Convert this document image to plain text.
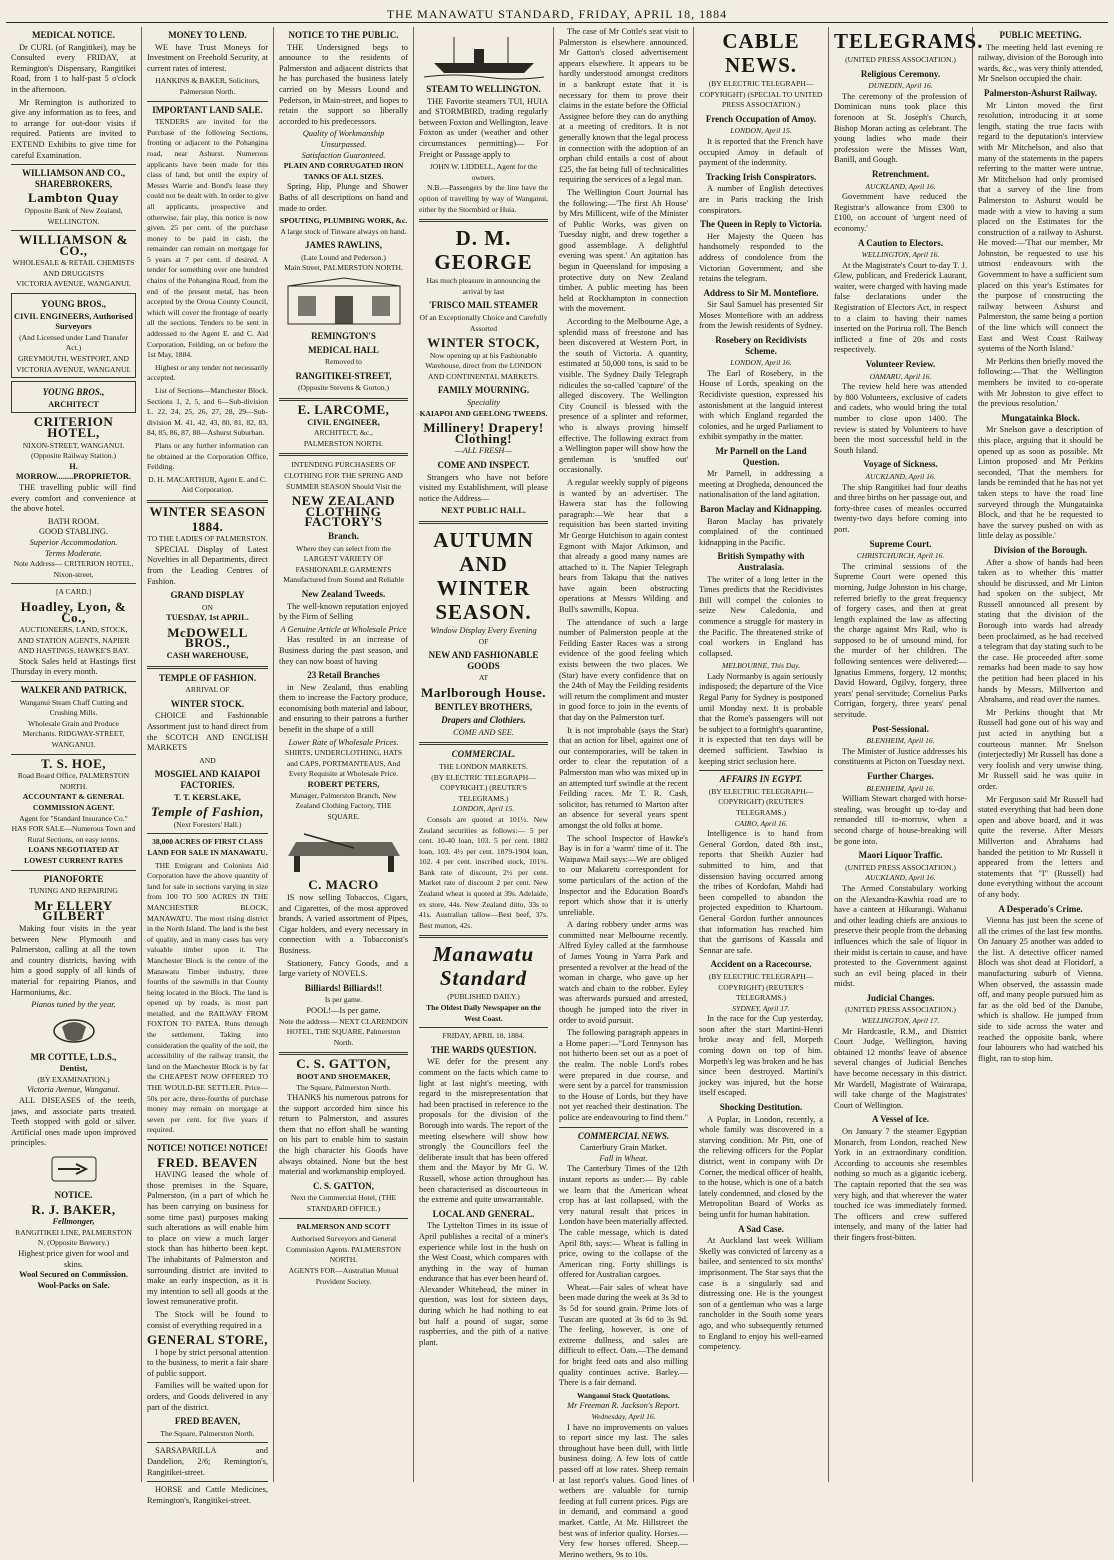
THE MANAWATU STANDARD, FRIDAY, APRIL 18, 1884
MEDICAL NOTICE.

Dr CURL (of Rangitikei), may be Consulted every FRIDAY, at Remington's Dispensary, Rangitikei Road, from 1 to half-past 5 o'clock in the afternoon.

Mr Remington is authorized to give any information as to fees, and to arrange for out-door visits if required. Patients are invited to EXTEND Exhibits to give time for careful Examination.

WILLIAMSON AND CO., SHAREBROKERS,
Lambton Quay
Opposite Bank of New Zealand, WELLINGTON.
WILLIAMSON & CO.,
WHOLESALE & RETAIL CHEMISTS AND DRUGGISTS
VICTORIA AVENUE, WANGANUI.
YOUNG BROS.,
CIVIL ENGINEERS, Authorised Surveyors
(And Licensed under Land Transfer Act.)
GREYMOUTH, WESTPORT, AND VICTORIA AVENUE, WANGANUI.
YOUNG BROS.,
ARCHITECT
CRITERION HOTEL,
NIXON-STREET, WANGANUI. (Opposite Railway Station.)
H. MORROW........PROPRIETOR.

THE travelling public will find every comfort and convenience at the above hotel.

BATH ROOM.
GOOD STABLING.
Superior Accommodation.
Terms Moderate.
Note Address— CRITERION HOTEL, Nixon-street,
[A CARD.]
Hoadley, Lyon, & Co.,
AUCTIONEERS, LAND, STOCK, AND STATION AGENTS, NAPIER AND HASTINGS, HAWKE'S BAY.

Stock Sales held at Hastings first Thursday in every month.

WALKER AND PATRICK,
Wanganui Steam Chaff Cutting and Crushing Mills.
Wholesale Grain and Produce Merchants. RIDGWAY-STREET, WANGANUI.
T. S. HOE,
Road Board Office, PALMERSTON NORTH.
ACCOUNTANT & GENERAL COMMISSION AGENT.
Agent for "Standard Insurance Co."
HAS FOR SALE—Numerous Town and Rural Sections, on easy terms.
LOANS NEGOTIATED AT LOWEST CURRENT RATES
PIANOFORTE
TUNING AND REPAIRING
Mr ELLERY GILBERT

Making four visits in the year between New Plymouth and Palmerston, calling at all the town and country districts, having with him a good supply of all kinds of material for repairing Pianos, and Harmoniums, &c.

Pianos tuned by the year.
MR COTTLE, L.D.S.,
Dentist,
(BY EXAMINATION.)
Victoria Avenue, Wanganui.

ALL DISEASES of the teeth, jaws, and associate parts treated. Teeth stopped with gold or silver. Artificial ones made upon improved principles.

NOTICE.
R. J. BAKER,
Fellmonger,
RANGITIKEI LINE, PALMERSTON N. (Opposite Brewery.)
Highest price given for wool and skins.
Wool Secured on Commission.
Wool-Packs on Sale.
MONEY TO LEND.

WE have Trust Moneys for Investment on Freehold Security, at current rates of interest.

HANKINS & BAKER, Solicitors, Palmerston North.
IMPORTANT LAND SALE.

TENDERS are invited for the Purchase of the following Sections, fronting or adjacent to the Pohangina road, near Ashurst. Numerous applicants have been made for this class of land, but until the expiry of Messrs Warrie and Bond's lease they could not be dealt with. In order to give all applicants, prospective and otherwise, fair play, this notice is now given. 25 per cent. of the purchase money to be paid in cash, the remainder can remain on mortgage for 5 years at 7 per cent. if desired. A tender for something over one hundred chains of the Pohangina Road, from the end of the present metal, has been accepted by the Oroua County Council, which will cover the frontage of nearly all the sections. Tenders to be sent in addressed to the Agent E. and C. Aid Corporation, Feilding, on or before the 1st May, 1884.

Highest or any tender not necessarily accepted.

List of Sections—Manchester Block. Sections 1, 2, 5, and 6—Sub-division L. 22, 24, 25, 26, 27, 28, 29—Sub-division M. 41, 42, 43, 80, 81, 82, 83, 84, 85, 86, 87, 88—Ashurst Suburban.

Plans or any further information can be obtained at the Corporation Office, Feilding.

D. H. MACARTHUR, Agent E. and C. Aid Corporation.
WINTER SEASON
1884.
TO THE LADIES OF PALMERSTON.

SPECIAL Display of Latest Novelties in all Departments, direct from the Leading Centres of Fashion.

GRAND DISPLAY
ON
TUESDAY, 1st APRIL.
McDOWELL BROS.,
CASH WAREHOUSE,
TEMPLE OF FASHION.
ARRIVAL OF
WINTER STOCK.

CHOICE and Fashionable Assortment just to hand direct from the SCOTCH AND ENGLISH MARKETS

AND
MOSGIEL AND KAIAPOI FACTORIES.
T. T. KERSLAKE,
Temple of Fashion,
(Next Foresters' Hall.)
38,000 ACRES OF FIRST CLASS LAND FOR SALE IN MANAWATU.

THE Emigrant and Colonists Aid Corporation have the above quantity of land for sale in sections varying in size from 100 TO 500 ACRES IN THE MANCHESTER BLOCK, MANAWATU. The most rising district in the North Island. The land is the best of quality, and in many cases has very valuable timber upon it. The Manchester Block is the centre of the Manawatu Timber industry, three fourths of the sawmills in that County being located in the Block. The land is opened up by roads, is most part metalled, and the RAILWAY FROM FOXTON TO PATEA. Runs through the settlement. Taking into consideration the quality of the soil, the accessibility of the railway transit, the land on the Manchester Block is by far the CHEAPEST NOW OFFERED TO THE WOULD-BE SETTLER. Price—50s per acre, three-fourths of purchase money may remain on mortgage at seven per cent. for five years if required.

NOTICE! NOTICE! NOTICE!
FRED. BEAVEN

HAVING leased the whole of those premises in the Square, Palmerston, (in a part of which he has been carrying on business for some time past) purposes making such alterations as will enable him to place on view a much larger stock than has hitherto been kept. The inhabitants of Palmerston and surrounding district are invited to make an early inspection, as it is my intention to sell all goods at the lowest remunerative profit.

The Stock will be found to consist of everything required in a

GENERAL STORE,

I hope by strict personal attention to the business, to merit a fair share of public support.

Families will be waited upon for orders, and Goods delivered in any part of the district.

FRED BEAVEN,
The Square, Palmerston North.

SARSAPARILLA and Dandelion, 2/6; Remington's, Rangitikei-street.

HORSE and Cattle Medicines, Remington's, Rangitikei-street.

NOTICE TO THE PUBLIC.

THE Undersigned begs to announce to the residents of Palmerston and adjacent districts that he has purchased the business lately carried on by Messrs Lound and Pederson, in Main-street, and hopes to retain the support so liberally accorded to his predecessors.

Quality of Workmanship Unsurpassed.
Satisfaction Guaranteed.
PLAIN AND CORRUGATED IRON TANKS OF ALL SIZES.

Spring, Hip, Plunge and Shower Baths of all descriptions on hand and made to order.

SPOUTING, PLUMBING WORK, &c.
A large stock of Tinware always on hand.
JAMES RAWLINS,
(Late Lound and Pederson.)
Main Street, PALMERSTON NORTH.
REMINGTON'S
MEDICAL HALL
Removed to
RANGITIKEI-STREET,
(Opposite Stevens & Gorton.)
E. LARCOME,
CIVIL ENGINEER,
ARCHITECT, &c.,
PALMERSTON NORTH.
INTENDING PURCHASERS OF CLOTHING FOR THE SPRING AND SUMMER SEASON Should Visit the
NEW ZEALAND CLOTHING FACTORY'S
Branch.
Where they can select from the LARGEST VARIETY OF FASHIONABLE GARMENTS Manufactured from Sound and Reliable
New Zealand Tweeds.

The well-known reputation enjoyed by the Firm of Selling

A Genuine Article at Wholesale Price

Has resulted in an increase of Business during the past season, and they can now boast of having

23 Retail Branches

in New Zealand, thus enabling them to increase the Factory produce, economising both material and labour, and ensuring to their patrons a further benefit in the shape of a still

Lower Rate of Wholesale Prices.
SHIRTS, UNDERCLOTHING, HATS and CAPS, PORTMANTEAUS, And Every Requisite at Wholesale Price.
ROBERT PETERS,
Manager, Palmerston Branch, New Zealand Clothing Factory, THE SQUARE.
C. MACRO

IS now selling Tobaccos, Cigars, and Cigarettes, of the most approved brands. A varied assortment of Pipes, Cigar holders, and every necessary in connection with a Tobacconist's Business.

Stationery, Fancy Goods, and a large variety of NOVELS.

Billiards! Billiards!!
Is per game.
POOL!—Is per game.
Note the address— NEXT CLARENDON HOTEL, THE SQUARE, Palmerston North.
C. S. GATTON,
BOOT AND SHOEMAKER,
The Square, Palmerston North.

THANKS his numerous patrons for the support accorded him since his return to Palmerston, and assures them that no effort shall be wanting on his part to enable him to sustain the high character his Goods have always obtained. None but the best material and workmanship employed.

C. S. GATTON,
Next the Commercial Hotel, (THE STANDARD OFFICE.)
PALMERSON AND SCOTT
Authorised Surveyors and General Commission Agents. PALMERSTON NORTH.
AGENTS FOR—Australian Mutual Provident Society.
STEAM TO WELLINGTON.

THE Favorite steamers TUI, HUIA and STORMBIRD, trading regularly between Foxton and Wellington, leave Foxton as under (weather and other circumstances permitting)— For Freight or Passage apply to

JOHN W. LIDDELL, Agent for the owners.

N.B.—Passengers by the line have the option of travelling by way of Wanganui, either by the Stormbird or Huia.

D. M. GEORGE
Has much pleasure in announcing the arrival by last
'FRISCO MAIL STEAMER
Of an Exceptionally Choice and Carefully Assorted
WINTER STOCK,
Now opening up at his Fashionable Warehouse, direct from the LONDON AND CONTINENTAL MARKETS.
FAMILY MOURNING.
Speciality
KAIAPOI AND GEELONG TWEEDS.
Millinery! Drapery! Clothing!
—ALL FRESH—
COME AND INSPECT.

Strangers who have not before visited my Establishment, will please notice the Address—

NEXT PUBLIC HALL.
AUTUMN AND WINTER SEASON.
Window Display Every Evening
OF
NEW AND FASHIONABLE GOODS
AT
Marlborough House.
BENTLEY BROTHERS,
Drapers and Clothiers.
COME AND SEE.
COMMERCIAL.
THE LONDON MARKETS.
(BY ELECTRIC TELEGRAPH—COPYRIGHT.) (REUTER'S TELEGRAMS.)
LONDON, April 15.

Consols are quoted at 101½. New Zealand securities as follows:— 5 per cent. 10-40 loan, 103. 5 per cent. 1882 loan, 103. 4½ per cent. 1879-1904 loan, 102. 4 per cent. inscribed stock, 101¾. Bank rate of discount, 2½ per cent. Market rate of discount 2 per cent. New Zealand wheat is quoted at 39s. Adelaide, ex store, 44s. New Zealand ditto, 33s to 41s. Australian tallow—Best beef, 37s. Best mutton, 42s.

Manawatu Standard
(PUBLISHED DAILY.)
The Oldest Daily Newspaper on the West Coast.
FRIDAY, APRIL 18, 1884.
THE WARDS QUESTION.

WE defer for the present any comment on the facts which came to light at last night's meeting, with regard to the misrepresentation that had been practised in reference to the proposals for the division of the Borough into wards. The report of the meeting elsewhere will show how strongly the Councillors feel the deliberate insult that has been offered them and the Mayor by Mr G. W. Russell, whose action throughout has been characterised as discourteous in the extreme and quite unwarrantable.

LOCAL AND GENERAL.

The Lyttelton Times in its issue of April publishes a recital of a miner's experience while lost in the bush on the West Coast, which compares with anything in the way of human endurance that has ever been heard of. Alexander Whitehead, the miner in question, was lost for sixteen days, during which he had nothing to eat but half a pound of sugar, some raspberries, and the pith of a native plant.

The case of Mr Cottle's seat visit to Palmerston is elsewhere announced. Mr Gatton's closed advertisement appears elsewhere. It appears to be hardly understood amongst creditors in a bankrupt estate that it is necessary for them to prove their claims in the estate before the Official Assignee before they can do anything at a meeting of creditors. It is not generally known that the legal process in connection with the adoption of an orphan child entails a cost of about £25, the fat being full of technicalities requiring the services of a legal man.

The Wellington Court Journal has the following:—'The first Ah House' by Mrs Millicent, wife of the Minister of Public Works, was given on Tuesday night, and drew together a good assemblage. A delightful evening was spent.' An agitation has begun in Queensland for imposing a protective duty on New Zealand timber. A public meeting has been held at Rockhampton in connection with the movement.

According to the Melbourne Age, a splendid mass of freestone and has been discovered at Western Port, in the south of Victoria. A quantity, estimated at 50,000 tons, is said to be visible. The Sydney Daily Telegraph ridicules the so-called 'capture' of the alleged discovery. The Wellington City Council is blessed with the presence of a splinter and reformer, who is always proving himself effective. The following extract from a Wellington paper will show how the gentleman is 'snuffed out' occasionally.

A regular weekly supply of pigeons is wanted by an advertiser. The Hawera star has the following paragraph:—We hear that a requisition has been started inviting Mr George Hutchison to again contest Egmont with Major Atkinson, and that already a good many names are attached to it. The Napier Telegraph hears from Takapu that the natives have again been obstructing operations at Messrs Wilding and Bull's sawmills, Kopua.

The attendance of such a large number of Palmerston people at the Feilding Easter Races was a strong evidence of the good feeling which exists between the two places. We (Star) have every confidence that on the 24th of May the Feilding residents will return the compliment and muster in good force to join in the events of that day on the Palmerston turf.

It is not improbable (says the Star) that an action for libel, against one of our contemporaries, will be taken in order to clear the reputation of a Palmerston man who was mixed up in an attempted turf swindle at the recent Feilding races. Mr T. R. Cash, solicitor, has returned to Marton after an absence for several years spent amongst the old folks at home.

The school Inspector of Hawke's Bay is in for a 'warm' time of it. The Waipawa Mail says:—We are obliged to our Makaretu correspondent for some particulars of the action of the Inspector and the Education Board's report which show that it is utterly unreliable.

A daring robbery under arms was committed near Melbourne recently. Alfred Eyley called at the farmhouse of James Young in Yarra Park and presented a revolver at the head of the woman in charge, who gave up her watch and chain to the robber. Eyley was afterwards pursued and arrested, though he jumped into the river in order to avoid pursuit.

The following paragraph appears in a Home paper:—"Lord Tennyson has not hitherto been set out as a poet of the realm. The noble Lord's robes were prepared in due course, and were sent by a parcel for transmission to the House of Lords, but they have not yet reached their destination. The police are endeavouring to find them."

COMMERCIAL NEWS.
Canterbury Grain Market.
Fall in Wheat.

The Canterbury Times of the 12th instant reports as under:— By cable we learn that the American wheat crop has at last collapsed, with the very natural result that prices in London have been materially affected. The cable message, which is dated April 8th, says:— Wheat is falling in price, owing to the collapse of the American ring. Forty shillings is offered for Australian cargoes.

Wheat.—Fair sales of wheat have been made during the week at 3s 3d to 3s 5d for sound grain. Prime lots of Tuscan are quoted at 3s 6d to 3s 9d. The feeling, however, is one of extreme dullness, and sales are difficult to effect. Oats.—The demand for bright feed oats and also milling quality continues active. Barley.—There is a fair demand.

Wanganui Stock Quotations.
Mr Freeman R. Jackson's Report.
Wednesday, April 16.

I have no improvements on values to report since my last. The sales throughout have been dull, with little business doing. A few lots of cattle passed off at low rates. Sheep remain at last report's values. Good lines of wethers are valuable for turnip feeding at full current prices. Pigs are in demand, and command a good market. Cattle, At Mr. Hillstreet the best was of inferior quality. Horses.—Very few horses offered. Sheep.—Merino wethers, 9s to 10s.

CABLE NEWS.
(BY ELECTRIC TELEGRAPH—COPYRIGHT) (SPECIAL TO UNITED PRESS ASSOCIATION.)
French Occupation of Amoy.
LONDON, April 15.

It is reported that the French have occupied Amoy in default of payment of the indemnity.

Tracking Irish Conspirators.

A number of English detectives are in Paris tracking the Irish conspirators.

The Queen in Reply to Victoria.

Her Majesty the Queen has handsomely responded to the address of condolence from the Victorian Government, and she retains the telegram.

Address to Sir M. Montefiore.

Sir Saul Samuel has presented Sir Moses Montefiore with an address from the Jewish residents of Sydney.

Rosebery on Recidivists Scheme.
LONDON, April 16.

The Earl of Rosebery, in the House of Lords, speaking on the Recidiviste question, expressed his astonishment at the languid interest with which England regarded the colonies, and he urged Parliament to exhibit sympathy in the matter.

Mr Parnell on the Land Question.

Mr Parnell, in addressing a meeting at Drogheda, denounced the nationalisation of the land agitation.

Baron Maclay and Kidnapping.

Baron Maclay has privately complained of the continued kidnapping in the Pacific.

British Sympathy with Australasia.

The writer of a long letter in the Times predicts that the Recidivistes Bill will compel the colonies to seize New Caledonia, and commence a struggle for mastery in the Pacific. The threatened strike of coal workers in England has collapsed.

MELBOURNE, This Day.

Lady Normanby is again seriously indisposed; the departure of the Vice Regal Party for Sydney is postponed until Monday next. It is probable that the Rome's passengers will not be subject to a fortnight's quarantine, it is expected that ten days will be deemed sufficient. Tawhiao is keeping strict seclusion here.

AFFAIRS IN EGYPT.
(BY ELECTRIC TELEGRAPH—COPYRIGHT) (REUTER'S TELEGRAMS.)
CAIRO, April 16.

Intelligence is to hand from General Gordon, dated 8th inst., reports that Sheikh Auzier had submitted to him, and that dissension having occurred among the tribes of Kordofan, Mahdi had been compelled to abandon the projected expedition to Khartoum. General Gordon further announces that information has reached him that the garrisons of Kassala and Sennar are safe.

Accident on a Racecourse.
(BY ELECTRIC TELEGRAPH—COPYRIGHT) (REUTER'S TELEGRAMS.)
SYDNEY, April 17.

In the race for the Cup yesterday, soon after the start Martini-Henri broke away and fell, Morpeth coming down on top of him. Morpeth's leg was broken and he has since been destroyed. Martini's jockey was injured, but the horse itself escaped.

Shocking Destitution.

A Poplar, in London, recently, a whole family was discovered in a starving condition. Mr Pitt, one of the relieving officers for the Poplar district, went in company with Dr Corner, the medical officer of health, to the house, which is one of a batch lately condemned, and closed by the Metropolitan Board of Works as being unfit for human habitation.

A Sad Case.

At Auckland last week William Skelly was convicted of larceny as a bailee, and sentenced to six months' imprisonment. The Star says that the case is a singularly sad and distressing one. He is the youngest son of a gentleman who was a large rancholder in the South some years ago, and who subsequently returned to England to enjoy his well-earned competency.

TELEGRAMS.
(UNITED PRESS ASSOCIATION.)
Religious Ceremony.
DUNEDIN, April 16.

The ceremony of the profession of Dominican nuns took place this forenoon at St. Joseph's Church, Bishop Moran acting as celebrant. The young ladies who made their profession were the Misses Watt, Banill, and Gough.

Retrenchment.
AUCKLAND, April 16.

Government have reduced the Registrar's allowance from £300 to £100, on account of 'urgent need of economy.'

A Caution to Electors.
WELLINGTON, April 16.

At the Magistrate's Court to-day T. J. Glew, publican, and Frederick Laurant, waiter, were charged with having made false declarations under the Registration of Electors Act, in respect to a claim to having their names inserted on the Porirua roll. The Bench inflicted a fine of 20s and costs respectively.

Volunteer Review.
OAMARU, April 16.

The review held here was attended by 800 Volunteers, exclusive of cadets and cadets, who would bring the total number to close upon 1400. The review is stated by Volunteers to have been the most successful held in the South Island.

Voyage of Sickness.
AUCKLAND, April 16.

The ship Rangitikei had four deaths and three births on her passage out, and forty-three cases of measles occurred twenty-two days before coming into port.

Supreme Court.
CHRISTCHURCH, April 16.

The criminal sessions of the Supreme Court were opened this morning, Judge Johnston in his charge, referred briefly to the great frequency of forgery cases, and then at great length explained the law as affecting the charge against Mrs Rail, who is supposed to be of unsound mind, for the murder of her children. The following sentences were delivered:—Ignatius Emmens, forgery, 12 months; David Howard, Ogilvy, forgery, three years' penal servitude; Cornelius Parks Corrigan, forgery, three years' penal servitude.

Post-Sessional.
BLENHEIM, April 16.

The Minister of Justice addresses his constituents at Picton on Tuesday next.

Further Charges.
BLENHEIM, April 16.

William Stewart charged with horse-stealing, was brought up to-day and remanded till to-morrow, when a second charge of house-breaking will be gone into.

Maori Liquor Traffic.
(UNITED PRESS ASSOCIATION.)
AUCKLAND, April 16.

The Armed Constabulary working on the Alexandra-Kawhia road are to have a canteen at Hikurangi. Wahanui and other leading chiefs are anxious to preserve their people from the debasing influences which the sale of liquor in their midst is certain to cause, and have protested to the Government against such an evil being placed in their midst.

Judicial Changes.
(UNITED PRESS ASSOCIATION.)
WELLINGTON, April 17.

Mr Hardcastle, R.M., and District Court Judge, Wellington, having obtained 12 months' leave of absence several changes of Judicial Benches have become necessary in this district. Mr Wardell, Magistrate of Wairarapa, will take charge of the Magistrates' Court of Wellington.

A Vessel of Ice.

On January 7 the steamer Egyptian Monarch, from London, reached New York in an extraordinary condition. According to accounts she resembles nothing so much as a gigantic iceberg. The captain reported that the sea was very high, and that wherever the water touched ice was immediately formed. The officers and crew suffered intensely, and many of the latter had their fingers frost-bitten.

PUBLIC MEETING.

The meeting held last evening re railway, division of the Borough into wards, &c., was very thinly attended, Mr Snelson occupied the chair.

Palmerston-Ashurst Railway.

Mr Linton moved the first resolution, introducing it at some length, stating the true facts with regard to the deputation's interview with Mr Mitchelson, and also that many of the statements in the papers referring to the matter were untrue. Mr Mitchelson had only promised that a survey of the line from Palmerston to Ashurst would be made with a view to having a sum placed on the Estimates for the construction of a railway to Ashurst. He moved:—'That our member, Mr Johnston, be requested to use his utmost endeavours with the Government to have a sufficient sum placed on this year's Estimates for the purpose of constructing the railway between Ashurst and Palmerston, the same being a portion of the line which will connect the East and West Coast Railway systems of the North Island.'

Mr Perkins then briefly moved the following:—'That the Wellington members be invited to co-operate with Mr Johnston to give effect to the previous resolution.'

Mungatainka Block.

Mr Snelson gave a description of this place, arguing that it should be opened up as soon as possible. Mr Linton proposed and Mr Perkins seconded, 'That the members for lands be reminded that he has not yet taken steps to have the road line surveyed through the Mungatainka Block, and that he be requested to have the survey pushed on with as little delay as possible.'

Division of the Borough.

After a show of hands had been taken as to whether this matter should be discussed, and Mr Linton had spoken on the subject, Mr Russell announced all present by stating that the division of the Borough into wards had already been proclaimed, as he had received a telegram that day stating such to be the case. He proceeded after some remarks had been made to say how the petition had been placed in his hands by Messrs. Millverton and Abrahams, and read over the names.

Mr Perkins thought that Mr Russell had gone out of his way and just acted in anything but a courteous manner. Mr Snelson (interjectedly) Mr Russell has done a very foolish and very unwise thing. Mr Russell said he was quite in order.

Mr Ferguson said Mr Russell had stated everything that had been done open and above board, and it was quite the reverse. After Messrs Millverton and Abrahams had handed the petition to Mr Russell it appeared from the letters and statements that "I" (Russell) had done everything without the account of any body.

A Desperado's Crime.

Vienna has just been the scene of all the crimes of the last few months. On January 25 another was added to the list. A detective officer named Bloch was shot dead at Floridorf, a manufacturing suburb of Vienna. When observed, the assassin made off, and many people pursued him as far as the old bed of the Danube, which is shallow. He jumped from side to side across the water and reached the opposite bank, where four labourers who had watched his flight, ran to stop him.
